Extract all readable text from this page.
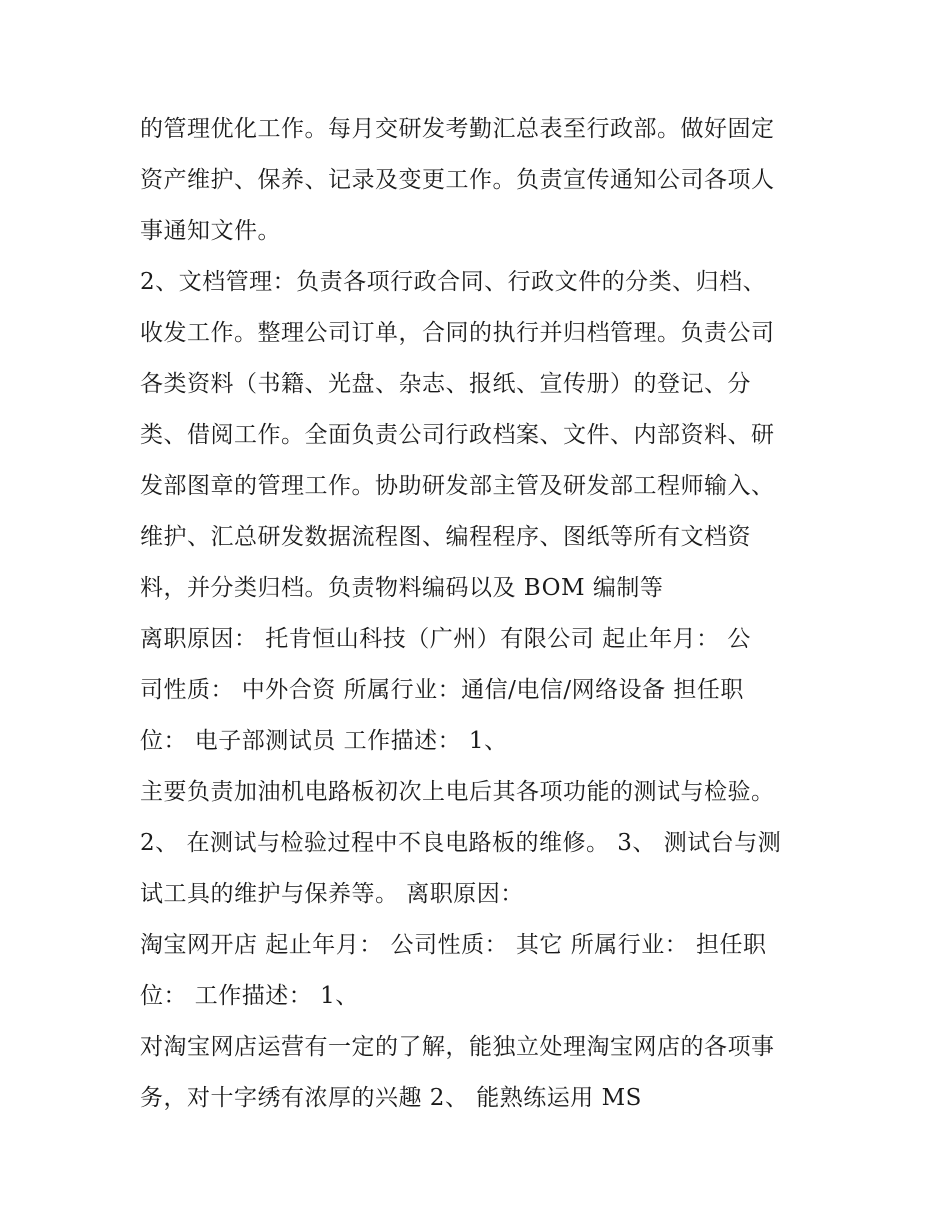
的管理优化工作。每月交研发考勤汇总表至行政部。做好固定
资产维护、保养、记录及变更工作。负责宣传通知公司各项人
事通知文件。
2、文档管理：负责各项行政合同、行政文件的分类、归档、
收发工作。整理公司订单，合同的执行并归档管理。负责公司
各类资料（书籍、光盘、杂志、报纸、宣传册）的登记、分
类、借阅工作。全面负责公司行政档案、文件、内部资料、研
发部图章的管理工作。协助研发部主管及研发部工程师输入、
维护、汇总研发数据流程图、编程程序、图纸等所有文档资
料，并分类归档。负责物料编码以及 BOM 编制等
离职原因： 托肯恒山科技（广州）有限公司 起止年月： 公
司性质： 中外合资 所属行业：通信/电信/网络设备 担任职
位： 电子部测试员 工作描述： 1、
主要负责加油机电路板初次上电后其各项功能的测试与检验。
2、 在测试与检验过程中不良电路板的维修。 3、 测试台与测
试工具的维护与保养等。 离职原因：
淘宝网开店 起止年月： 公司性质： 其它 所属行业： 担任职
位： 工作描述： 1、
对淘宝网店运营有一定的了解，能独立处理淘宝网店的各项事
务，对十字绣有浓厚的兴趣 2、 能熟练运用 MS
